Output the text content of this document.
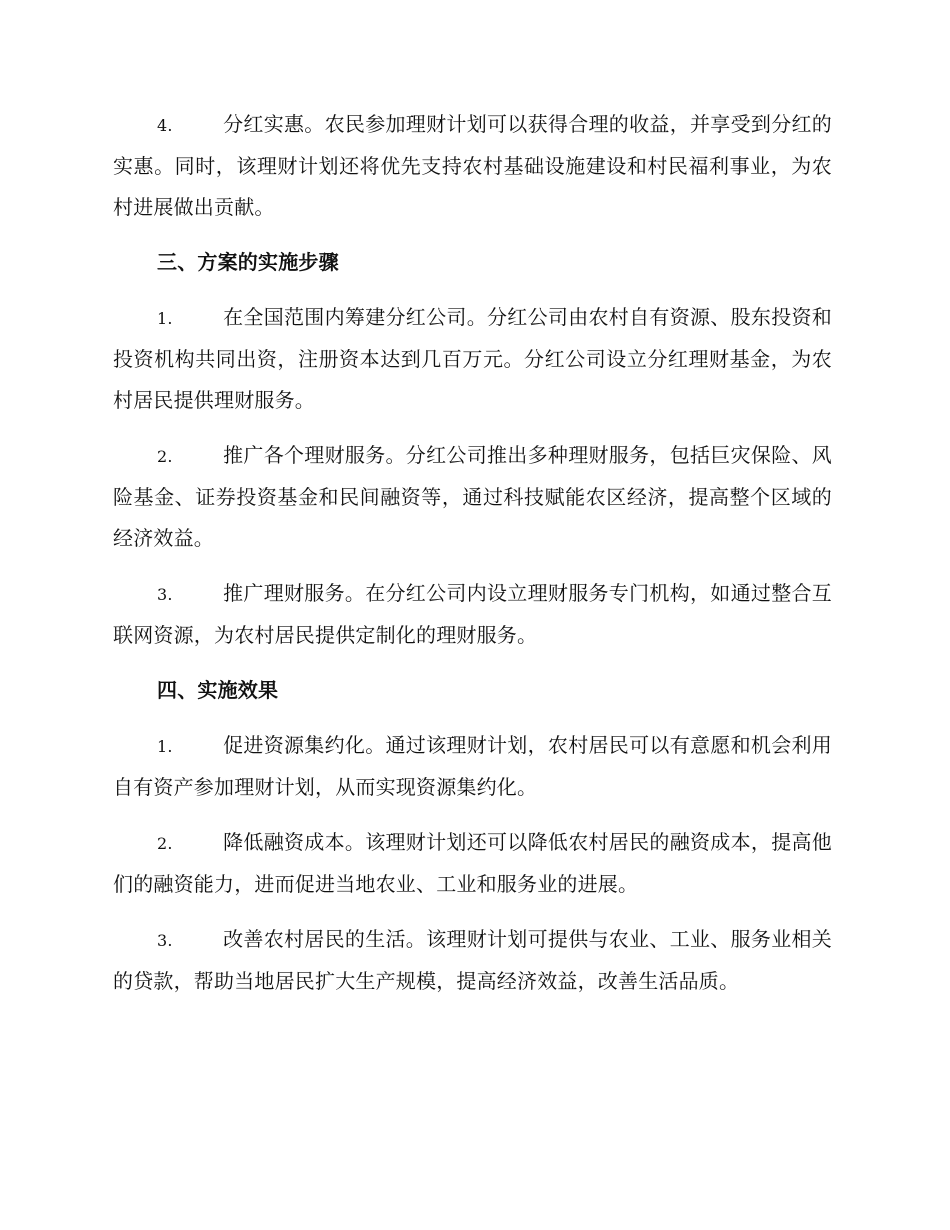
4.	分红实惠。农民参加理财计划可以获得合理的收益，并享受到分红的实惠。同时，该理财计划还将优先支持农村基础设施建设和村民福利事业，为农村进展做出贡献。

三、方案的实施步骤

1.	在全国范围内筹建分红公司。分红公司由农村自有资源、股东投资和投资机构共同出资，注册资本达到几百万元。分红公司设立分红理财基金，为农村居民提供理财服务。

2.	推广各个理财服务。分红公司推出多种理财服务，包括巨灾保险、风险基金、证券投资基金和民间融资等，通过科技赋能农区经济，提高整个区域的经济效益。

3.	推广理财服务。在分红公司内设立理财服务专门机构，如通过整合互联网资源，为农村居民提供定制化的理财服务。

四、实施效果

1.	促进资源集约化。通过该理财计划，农村居民可以有意愿和机会利用自有资产参加理财计划，从而实现资源集约化。

2.	降低融资成本。该理财计划还可以降低农村居民的融资成本，提高他们的融资能力，进而促进当地农业、工业和服务业的进展。

3.	改善农村居民的生活。该理财计划可提供与农业、工业、服务业相关的贷款，帮助当地居民扩大生产规模，提高经济效益，改善生活品质。
